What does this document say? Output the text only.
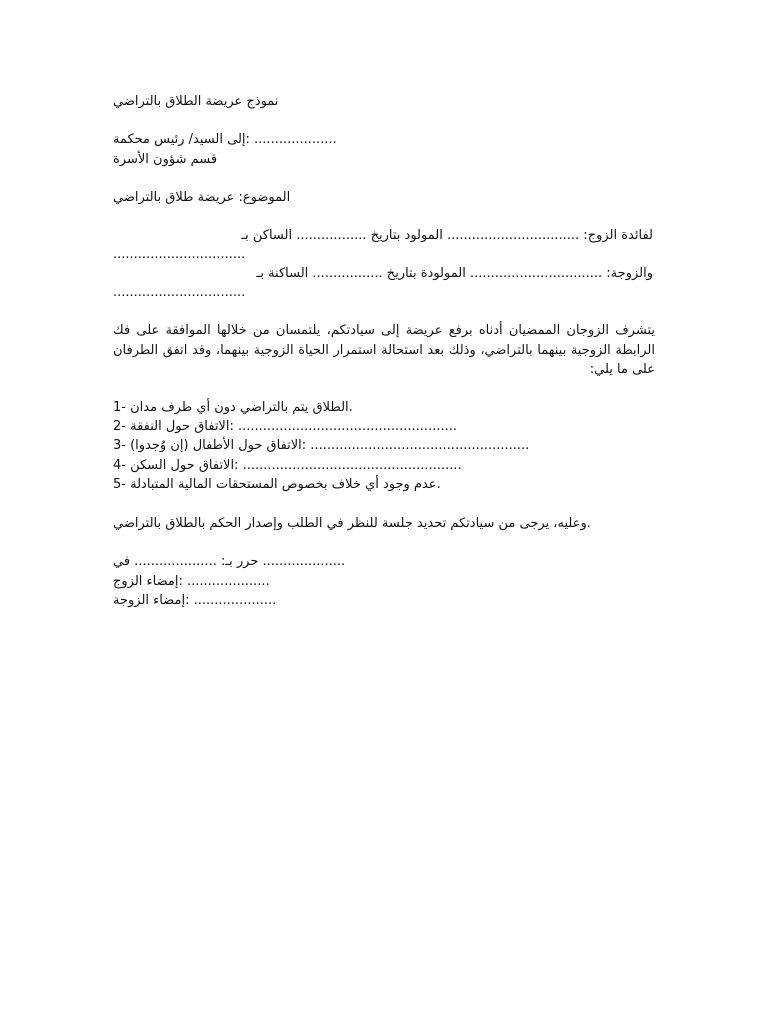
نموذج عريضة الطلاق بالتراضي
إلى السيد/ رئيس محكمة: ....................
قسم شؤون الأسرة
الموضوع: عريضة طلاق بالتراضي
لفائدة الزوج: ................................ المولود بتاريخ ................. الساكن بـ
................................
والزوجة: ................................ المولودة بتاريخ ................. الساكنة بـ
................................
يتشرف الزوجان الممضيان أدناه برفع عريضة إلى سيادتكم، يلتمسان من خلالها الموافقة على فك الرابطة الزوجية بينهما بالتراضي، وذلك بعد استحالة استمرار الحياة الزوجية بينهما، وقد اتفق الطرفان على ما يلي:
1- الطلاق يتم بالتراضي دون أي طرف مدان.
2- الاتفاق حول النفقة: .....................................................
3- الاتفاق حول الأطفال (إن وُجدوا): .....................................................
4- الاتفاق حول السكن: .....................................................
5- عدم وجود أي خلاف بخصوص المستحقات المالية المتبادلة.
وعليه، يرجى من سيادتكم تحديد جلسة للنظر في الطلب وإصدار الحكم بالطلاق بالتراضي.
حرر بـ: .................... في ....................
إمضاء الزوج: ....................
إمضاء الزوجة: ....................
